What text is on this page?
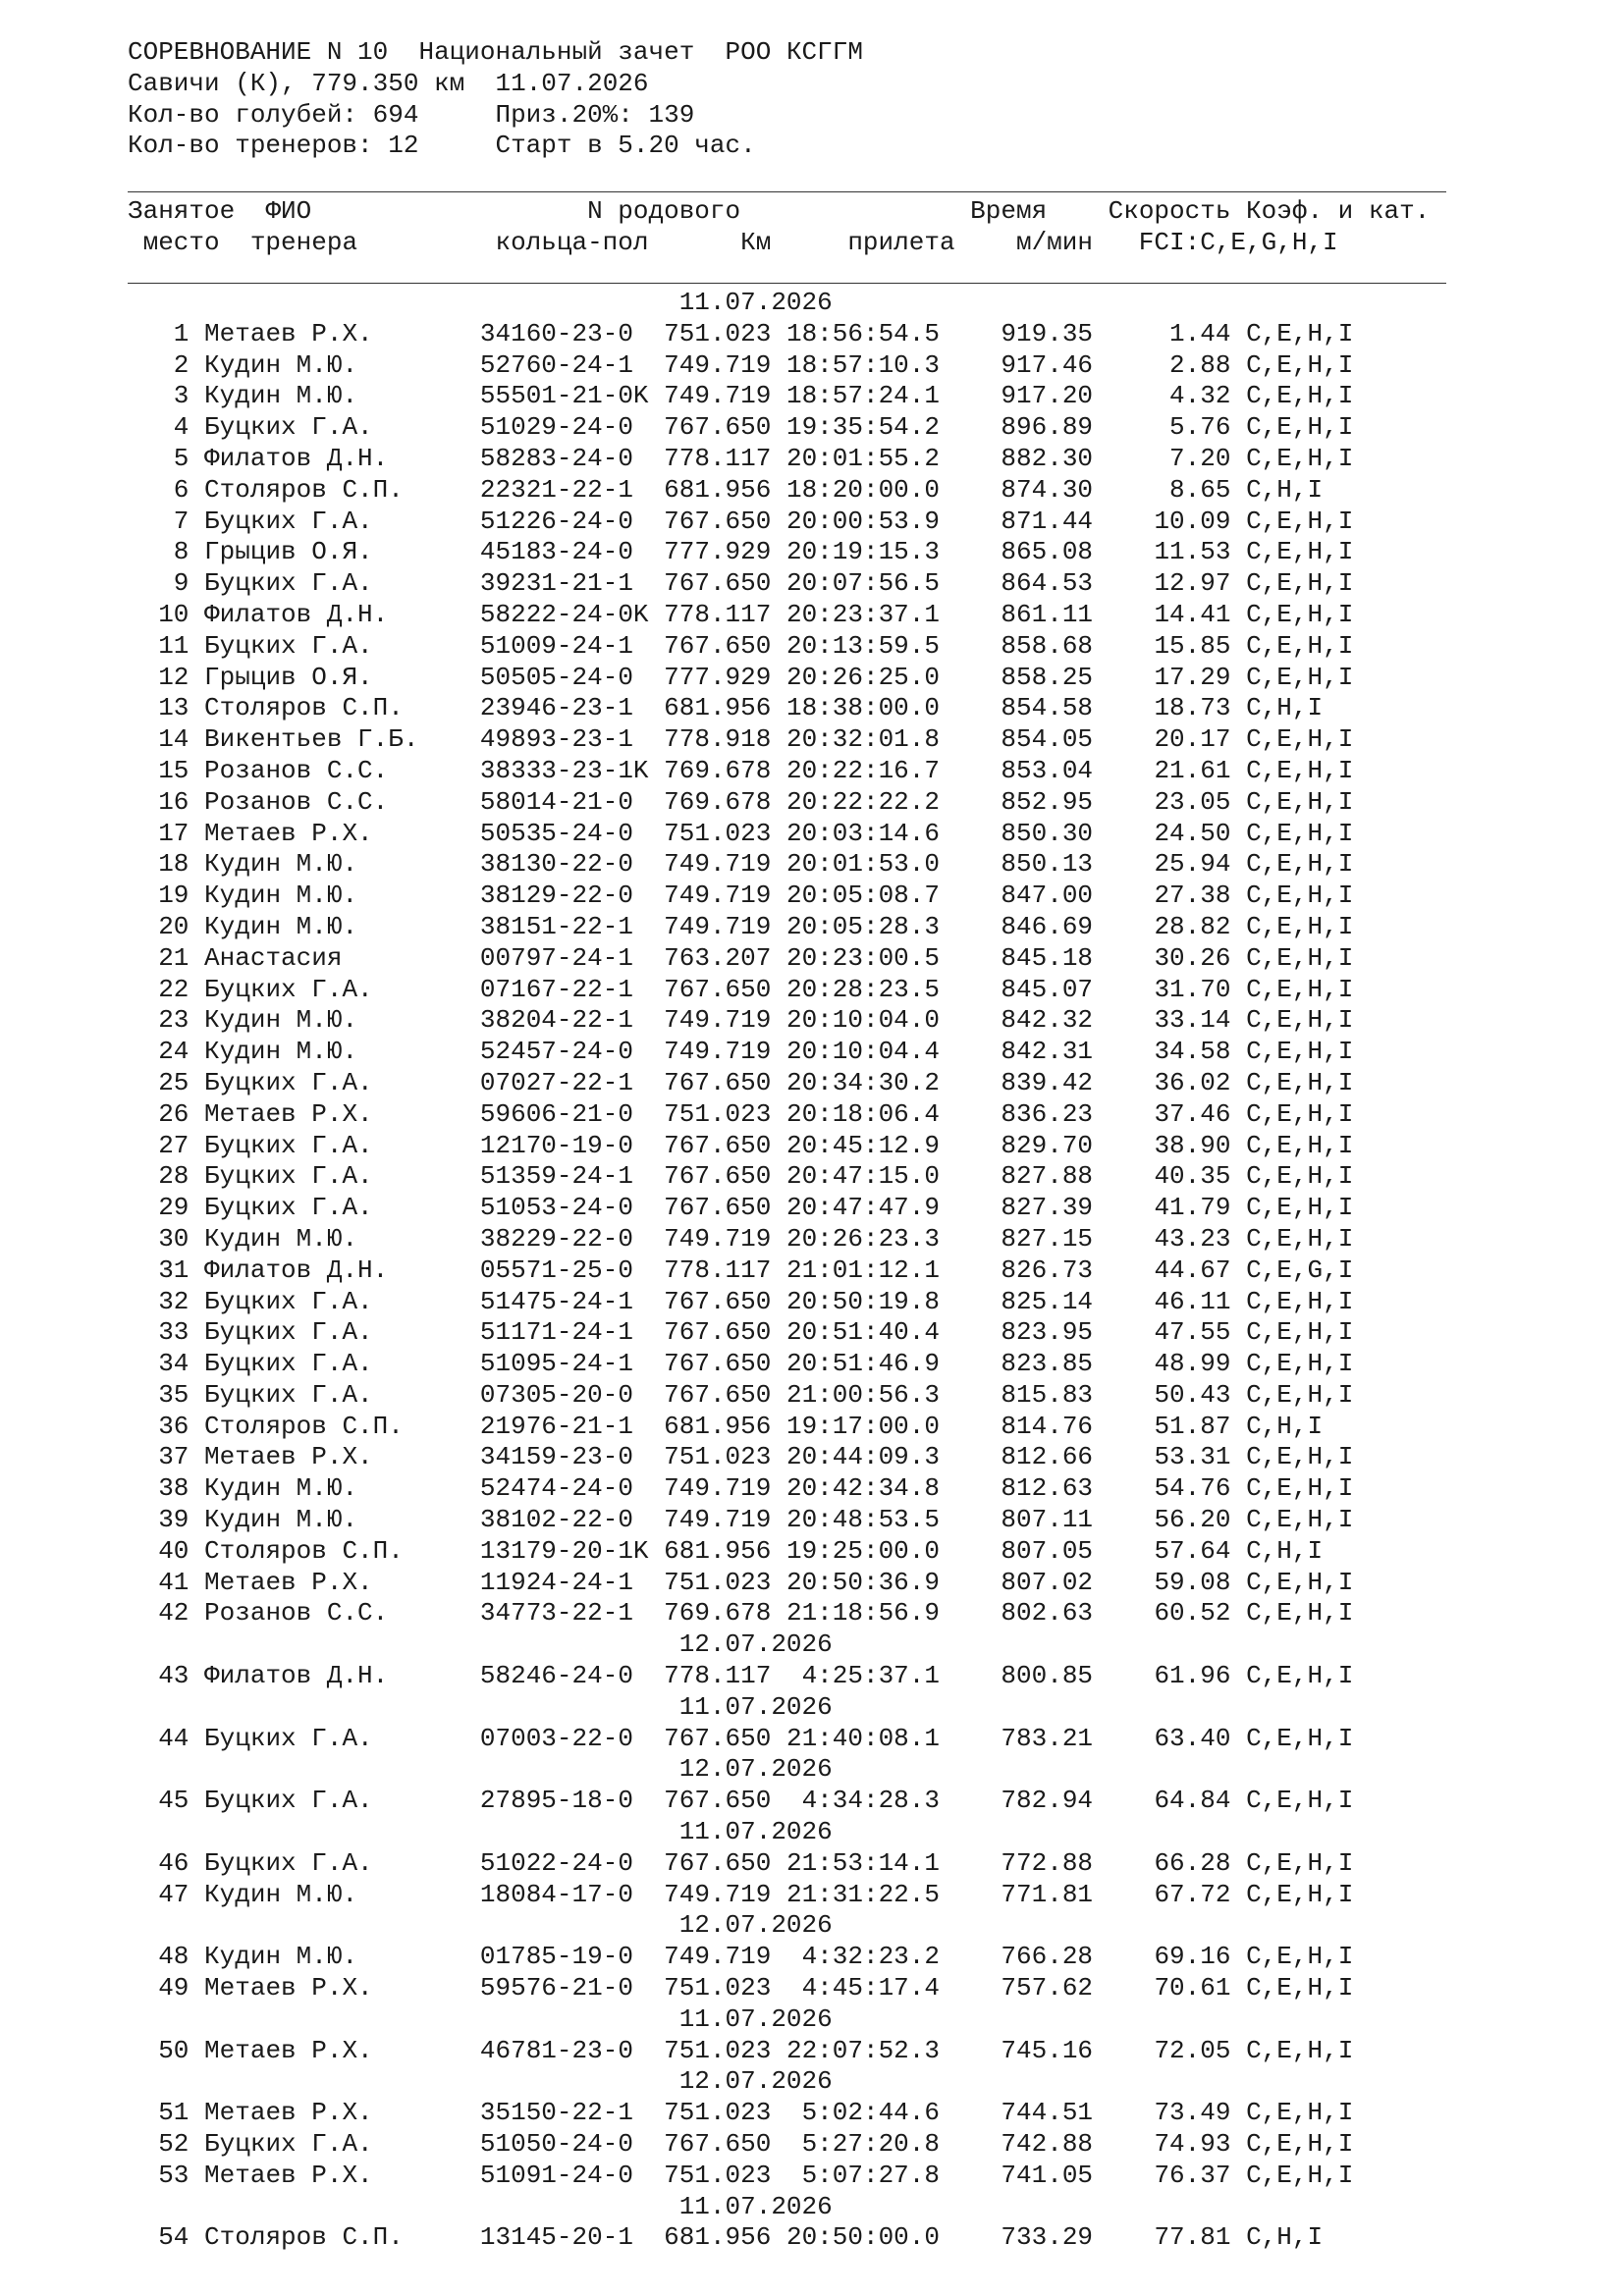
СОРЕВНОВАНИЕ N 10 Национальный зачет РОО КСГГМ
Савичи (К), 779.350 км 11.07.2026
Кол-во голубей: 694	Приз.20%: 139
Кол-во тренеров: 12	Старт в 5.20 час.
Занятое  ФИО                  N родового	Время    Скорость Коэф. и кат.
место  тренера         кольца-пол      Км     прилета    м/мин   FCI:C,E,G,H,I
11.07.2026
1 Метаев Р.Х.       34160-23-0  751.023 18:56:54.5    919.35     1.44 C,E,H,I
2 Кудин М.Ю.        52760-24-1  749.719 18:57:10.3    917.46     2.88 C,E,H,I
3 Кудин М.Ю.        55501-21-0K 749.719 18:57:24.1    917.20     4.32 C,E,H,I
4 Буцких Г.А.       51029-24-0  767.650 19:35:54.2    896.89     5.76 C,E,H,I
5 Филатов Д.Н.      58283-24-0  778.117 20:01:55.2    882.30     7.20 C,E,H,I
6 Столяров С.П.     22321-22-1  681.956 18:20:00.0    874.30     8.65 C,H,I
7 Буцких Г.А.       51226-24-0  767.650 20:00:53.9    871.44    10.09 C,E,H,I
8 Грыцив О.Я.       45183-24-0  777.929 20:19:15.3    865.08    11.53 C,E,H,I
9 Буцких Г.А.       39231-21-1  767.650 20:07:56.5    864.53    12.97 C,E,H,I
10 Филатов Д.Н.      58222-24-0K 778.117 20:23:37.1    861.11    14.41 C,E,H,I
11 Буцких Г.А.       51009-24-1  767.650 20:13:59.5    858.68    15.85 C,E,H,I
12 Грыцив О.Я.       50505-24-0  777.929 20:26:25.0    858.25    17.29 C,E,H,I
13 Столяров С.П.     23946-23-1  681.956 18:38:00.0    854.58    18.73 C,H,I
14 Викентьев Г.Б.    49893-23-1  778.918 20:32:01.8    854.05    20.17 C,E,H,I
15 Розанов С.С.      38333-23-1K 769.678 20:22:16.7    853.04    21.61 C,E,H,I
16 Розанов С.С.      58014-21-0  769.678 20:22:22.2    852.95    23.05 C,E,H,I
17 Метаев Р.Х.       50535-24-0  751.023 20:03:14.6    850.30    24.50 C,E,H,I
18 Кудин М.Ю.        38130-22-0  749.719 20:01:53.0    850.13    25.94 C,E,H,I
19 Кудин М.Ю.        38129-22-0  749.719 20:05:08.7    847.00    27.38 C,E,H,I
20 Кудин М.Ю.        38151-22-1  749.719 20:05:28.3    846.69    28.82 C,E,H,I
21 Анастасия         00797-24-1  763.207 20:23:00.5    845.18    30.26 C,E,H,I
22 Буцких Г.А.       07167-22-1  767.650 20:28:23.5    845.07    31.70 C,E,H,I
23 Кудин М.Ю.        38204-22-1  749.719 20:10:04.0    842.32    33.14 C,E,H,I
24 Кудин М.Ю.        52457-24-0  749.719 20:10:04.4    842.31    34.58 C,E,H,I
25 Буцких Г.А.       07027-22-1  767.650 20:34:30.2    839.42    36.02 C,E,H,I
26 Метаев Р.Х.       59606-21-0  751.023 20:18:06.4    836.23    37.46 C,E,H,I
27 Буцких Г.А.       12170-19-0  767.650 20:45:12.9    829.70    38.90 C,E,H,I
28 Буцких Г.А.       51359-24-1  767.650 20:47:15.0    827.88    40.35 C,E,H,I
29 Буцких Г.А.       51053-24-0  767.650 20:47:47.9    827.39    41.79 C,E,H,I
30 Кудин М.Ю.        38229-22-0  749.719 20:26:23.3    827.15    43.23 C,E,H,I
31 Филатов Д.Н.      05571-25-0  778.117 21:01:12.1    826.73    44.67 C,E,G,I
32 Буцких Г.А.       51475-24-1  767.650 20:50:19.8    825.14    46.11 C,E,H,I
33 Буцких Г.А.       51171-24-1  767.650 20:51:40.4    823.95    47.55 C,E,H,I
34 Буцких Г.А.       51095-24-1  767.650 20:51:46.9    823.85    48.99 C,E,H,I
35 Буцких Г.А.       07305-20-0  767.650 21:00:56.3    815.83    50.43 C,E,H,I
36 Столяров С.П.     21976-21-1  681.956 19:17:00.0    814.76    51.87 C,H,I
37 Метаев Р.Х.       34159-23-0  751.023 20:44:09.3    812.66    53.31 C,E,H,I
38 Кудин М.Ю.        52474-24-0  749.719 20:42:34.8    812.63    54.76 C,E,H,I
39 Кудин М.Ю.        38102-22-0  749.719 20:48:53.5    807.11    56.20 C,E,H,I
40 Столяров С.П.     13179-20-1K 681.956 19:25:00.0    807.05    57.64 C,H,I
41 Метаев Р.Х.       11924-24-1  751.023 20:50:36.9    807.02    59.08 C,E,H,I
42 Розанов С.С.      34773-22-1  769.678 21:18:56.9    802.63    60.52 C,E,H,I
12.07.2026
43 Филатов Д.Н.      58246-24-0  778.117  4:25:37.1    800.85    61.96 C,E,H,I
11.07.2026
44 Буцких Г.А.       07003-22-0  767.650 21:40:08.1    783.21    63.40 C,E,H,I
12.07.2026
45 Буцких Г.А.       27895-18-0  767.650  4:34:28.3    782.94    64.84 C,E,H,I
11.07.2026
46 Буцких Г.А.       51022-24-0  767.650 21:53:14.1    772.88    66.28 C,E,H,I
47 Кудин М.Ю.        18084-17-0  749.719 21:31:22.5    771.81    67.72 C,E,H,I
12.07.2026
48 Кудин М.Ю.        01785-19-0  749.719  4:32:23.2    766.28    69.16 C,E,H,I
49 Метаев Р.Х.       59576-21-0  751.023  4:45:17.4    757.62    70.61 C,E,H,I
11.07.2026
50 Метаев Р.Х.       46781-23-0  751.023 22:07:52.3    745.16    72.05 C,E,H,I
12.07.2026
51 Метаев Р.Х.       35150-22-1  751.023  5:02:44.6    744.51    73.49 C,E,H,I
52 Буцких Г.А.       51050-24-0  767.650  5:27:20.8    742.88    74.93 C,E,H,I
53 Метаев Р.Х.       51091-24-0  751.023  5:07:27.8    741.05    76.37 C,E,H,I
11.07.2026
54 Столяров С.П.     13145-20-1  681.956 20:50:00.0    733.29    77.81 C,H,I
